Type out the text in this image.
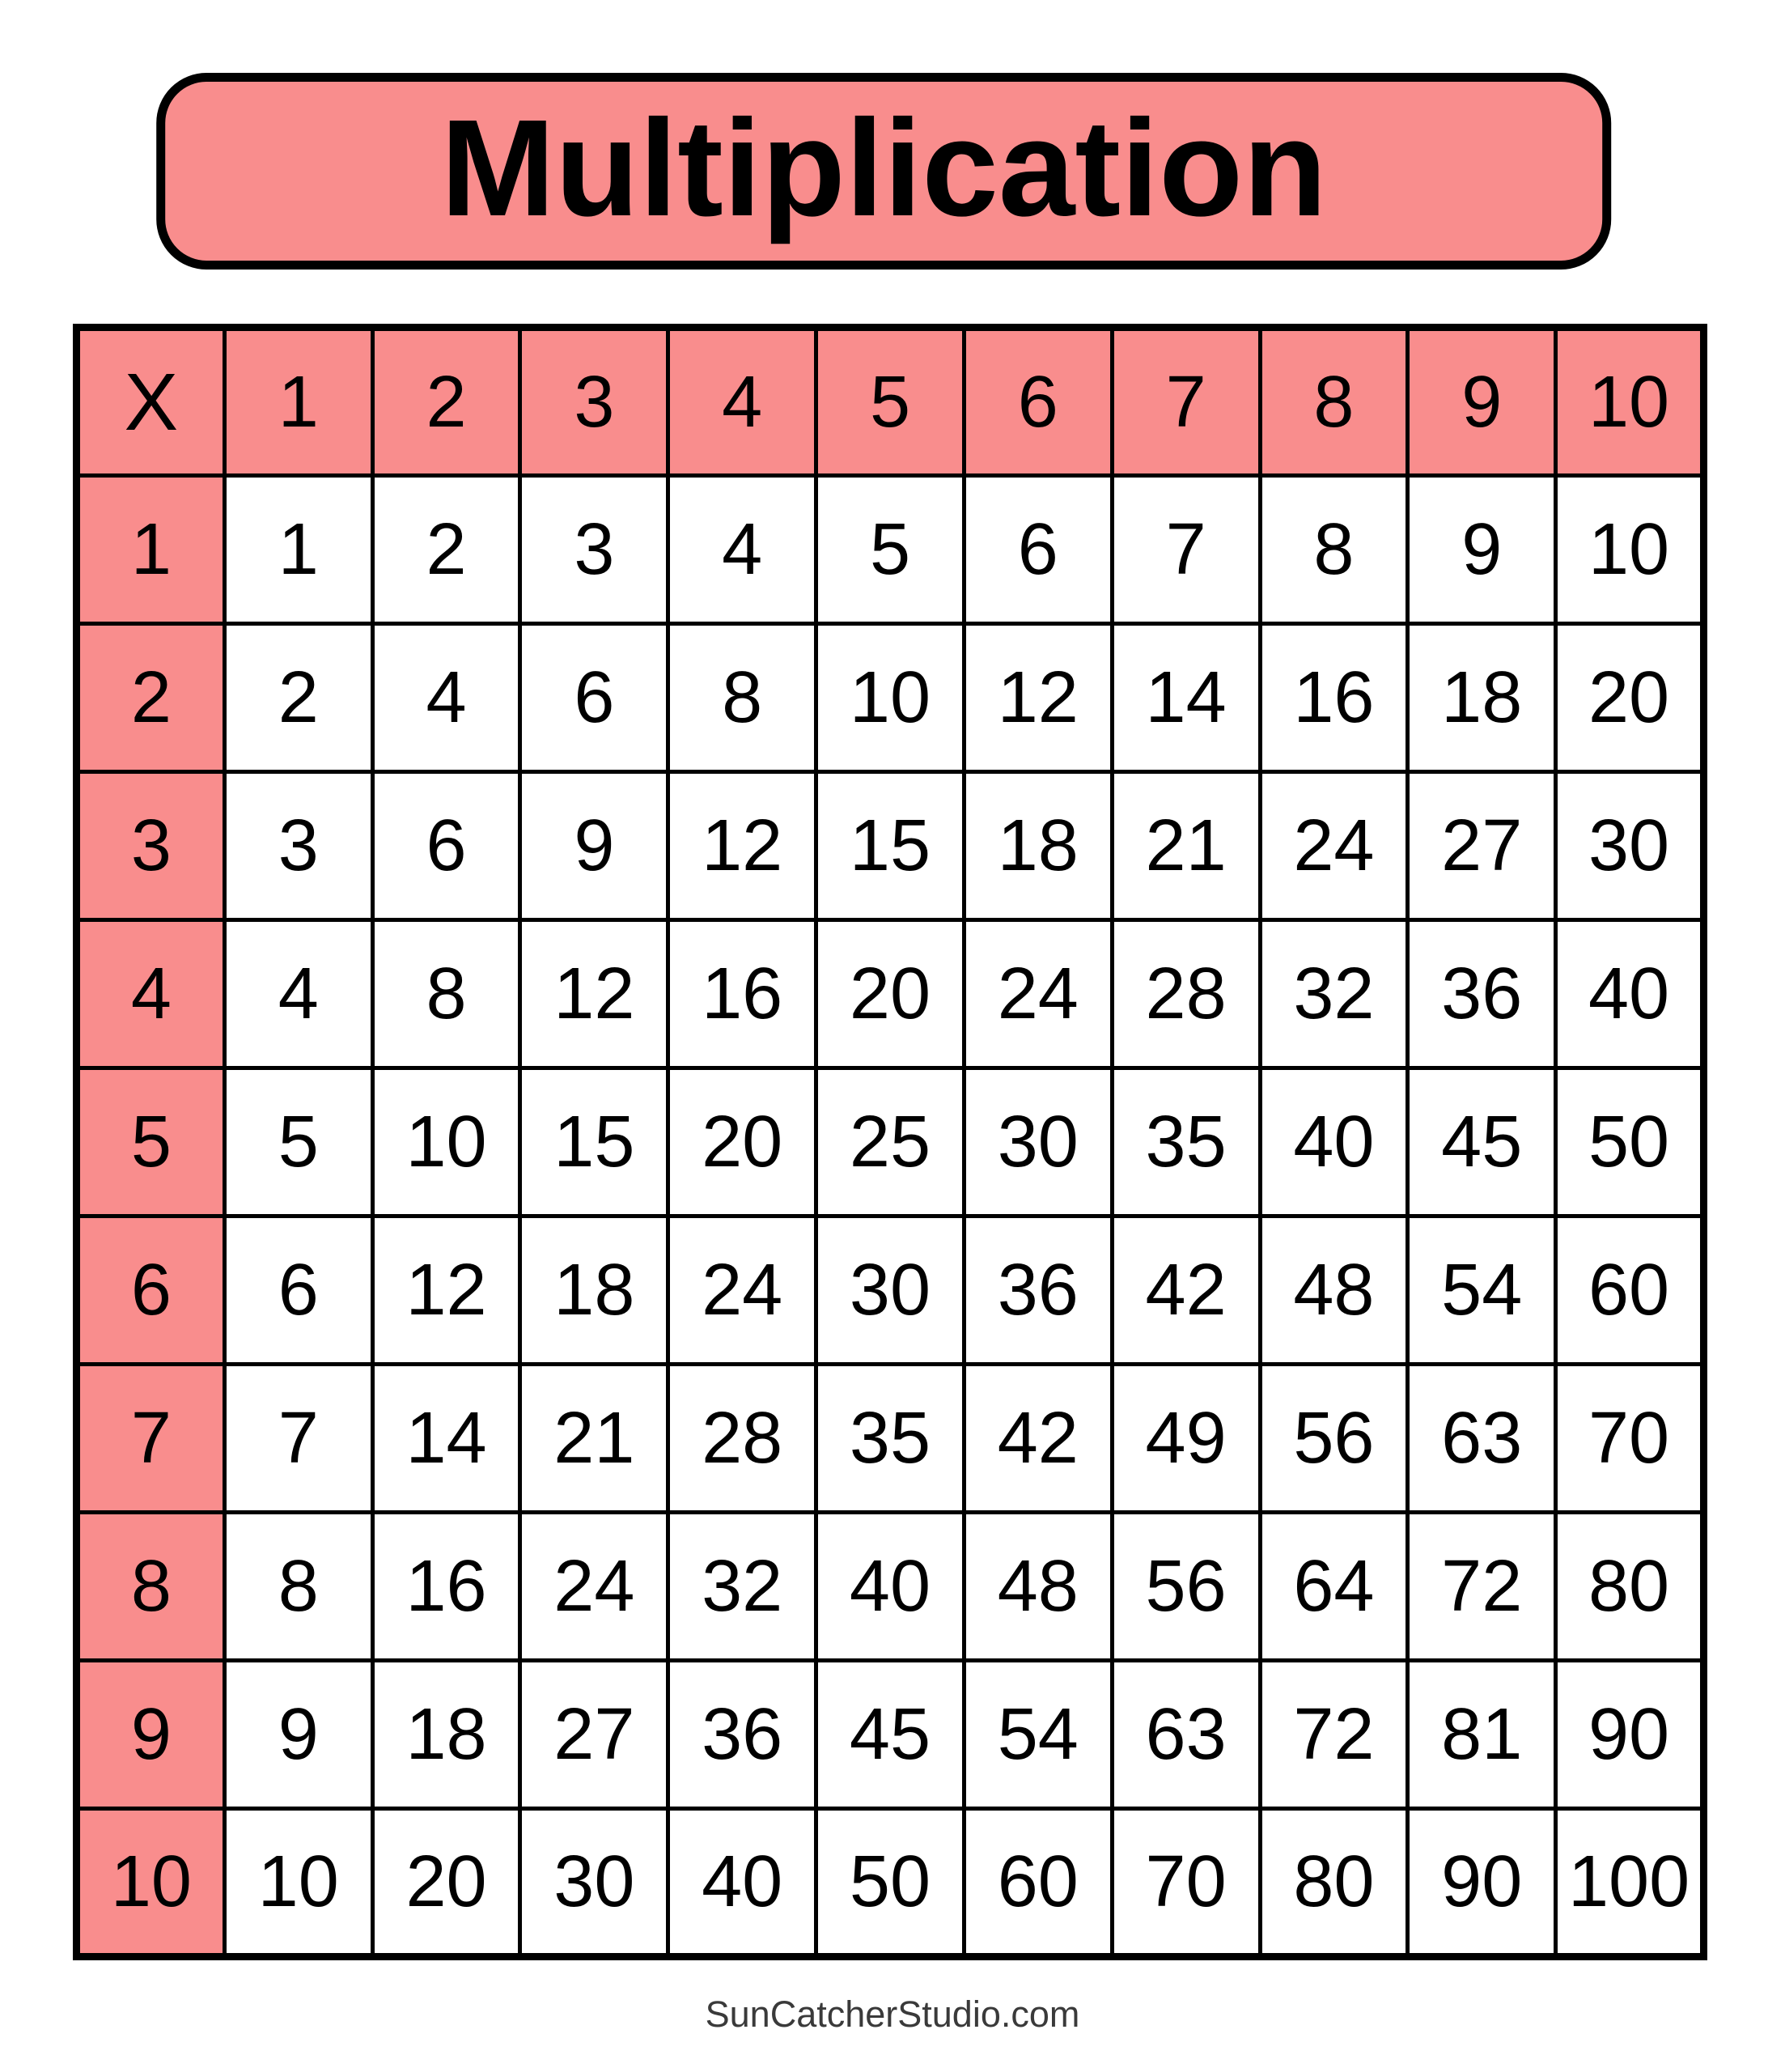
Multiplication
X	1	2	3	4	5	6	7	8	9	10
1	1	2	3	4	5	6	7	8	9	10
2	2	4	6	8	10	12	14	16	18	20
3	3	6	9	12	15	18	21	24	27	30
4	4	8	12	16	20	24	28	32	36	40
5	5	10	15	20	25	30	35	40	45	50
6	6	12	18	24	30	36	42	48	54	60
7	7	14	21	28	35	42	49	56	63	70
8	8	16	24	32	40	48	56	64	72	80
9	9	18	27	36	45	54	63	72	81	90
10	10	20	30	40	50	60	70	80	90	100
SunCatcherStudio.com
